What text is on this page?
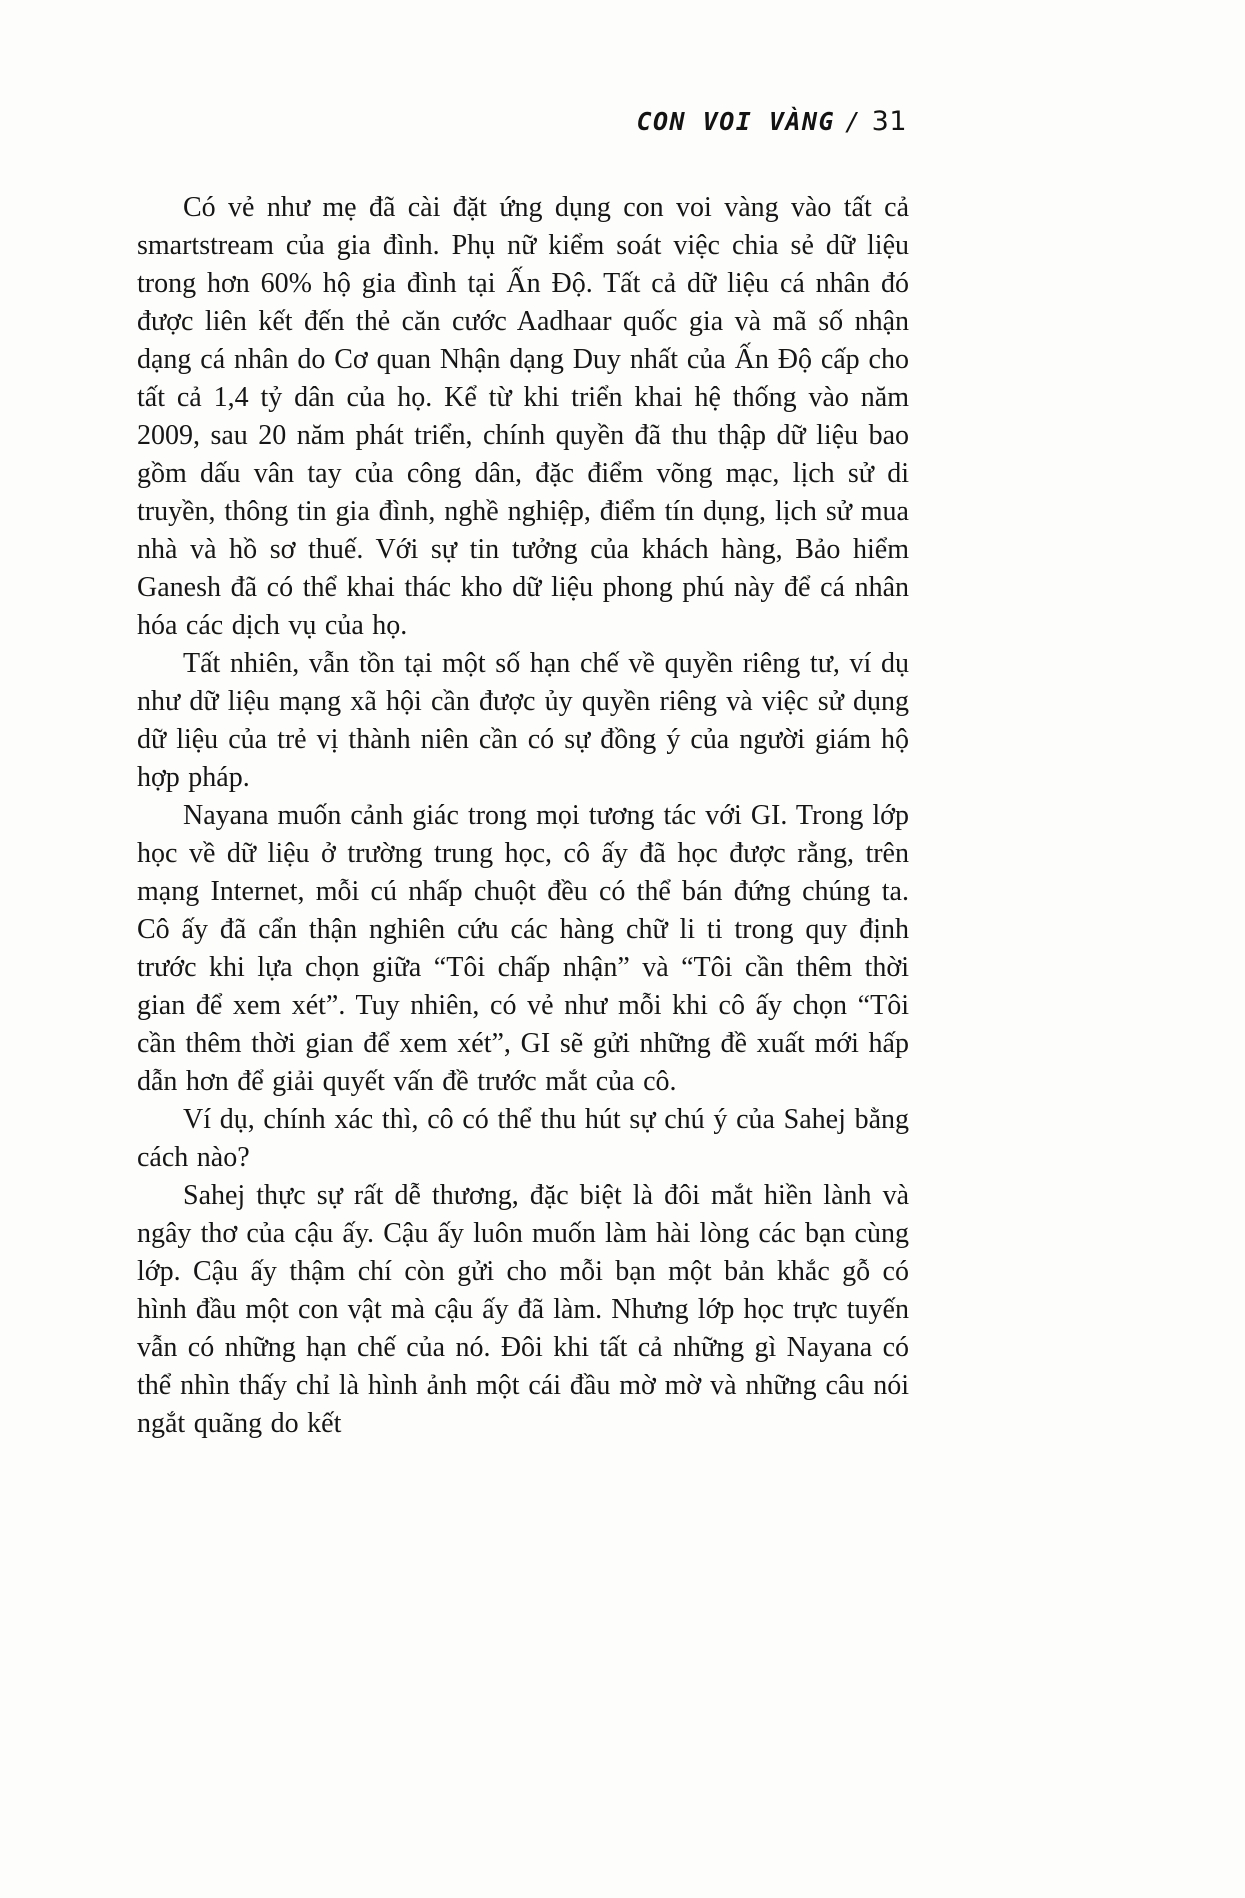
CON VOI VÀNG / 31

Có vẻ như mẹ đã cài đặt ứng dụng con voi vàng vào tất cả smartstream của gia đình. Phụ nữ kiểm soát việc chia sẻ dữ liệu trong hơn 60% hộ gia đình tại Ấn Độ. Tất cả dữ liệu cá nhân đó được liên kết đến thẻ căn cước Aadhaar quốc gia và mã số nhận dạng cá nhân do Cơ quan Nhận dạng Duy nhất của Ấn Độ cấp cho tất cả 1,4 tỷ dân của họ. Kể từ khi triển khai hệ thống vào năm 2009, sau 20 năm phát triển, chính quyền đã thu thập dữ liệu bao gồm dấu vân tay của công dân, đặc điểm võng mạc, lịch sử di truyền, thông tin gia đình, nghề nghiệp, điểm tín dụng, lịch sử mua nhà và hồ sơ thuế. Với sự tin tưởng của khách hàng, Bảo hiểm Ganesh đã có thể khai thác kho dữ liệu phong phú này để cá nhân hóa các dịch vụ của họ.

Tất nhiên, vẫn tồn tại một số hạn chế về quyền riêng tư, ví dụ như dữ liệu mạng xã hội cần được ủy quyền riêng và việc sử dụng dữ liệu của trẻ vị thành niên cần có sự đồng ý của người giám hộ hợp pháp.

Nayana muốn cảnh giác trong mọi tương tác với GI. Trong lớp học về dữ liệu ở trường trung học, cô ấy đã học được rằng, trên mạng Internet, mỗi cú nhấp chuột đều có thể bán đứng chúng ta. Cô ấy đã cẩn thận nghiên cứu các hàng chữ li ti trong quy định trước khi lựa chọn giữa “Tôi chấp nhận” và “Tôi cần thêm thời gian để xem xét”. Tuy nhiên, có vẻ như mỗi khi cô ấy chọn “Tôi cần thêm thời gian để xem xét”, GI sẽ gửi những đề xuất mới hấp dẫn hơn để giải quyết vấn đề trước mắt của cô.

Ví dụ, chính xác thì, cô có thể thu hút sự chú ý của Sahej bằng cách nào?

Sahej thực sự rất dễ thương, đặc biệt là đôi mắt hiền lành và ngây thơ của cậu ấy. Cậu ấy luôn muốn làm hài lòng các bạn cùng lớp. Cậu ấy thậm chí còn gửi cho mỗi bạn một bản khắc gỗ có hình đầu một con vật mà cậu ấy đã làm. Nhưng lớp học trực tuyến vẫn có những hạn chế của nó. Đôi khi tất cả những gì Nayana có thể nhìn thấy chỉ là hình ảnh một cái đầu mờ mờ và những câu nói ngắt quãng do kết
